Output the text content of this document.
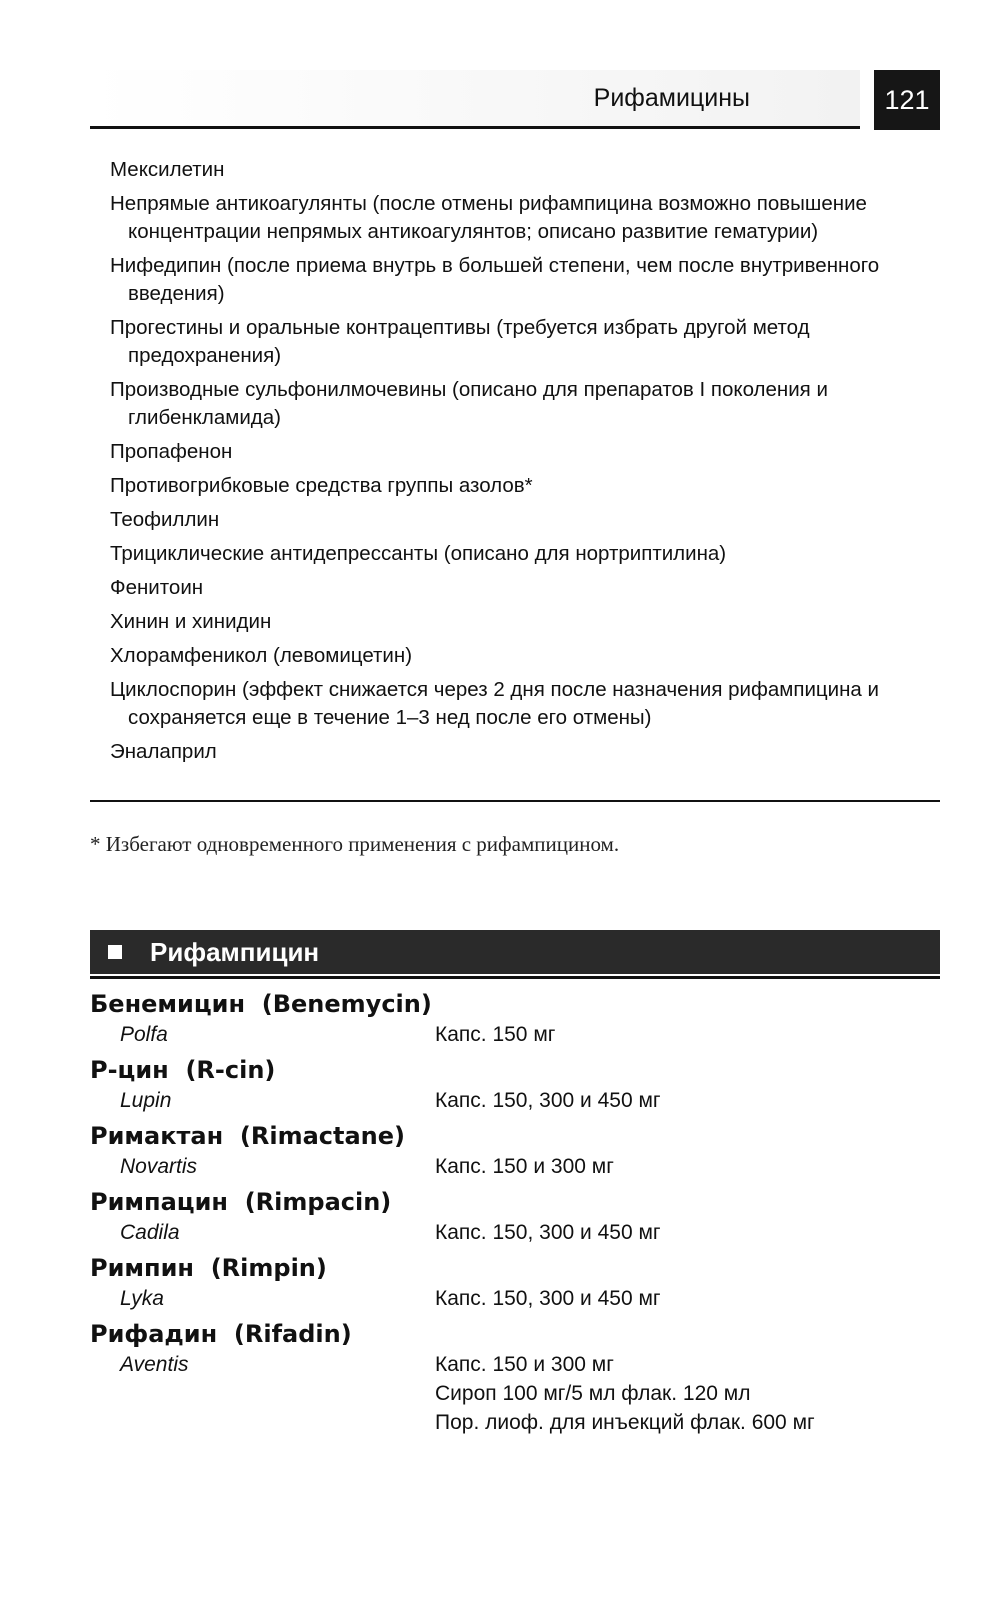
Рифамицины	121
Мексилетин
Непрямые антикоагулянты (после отмены рифампицина возможно повышение концентрации непрямых антикоагулянтов; описано развитие гематурии)
Нифедипин (после приема внутрь в большей степени, чем после внутривенного введения)
Прогестины и оральные контрацептивы (требуется избрать другой метод предохранения)
Производные сульфонилмочевины (описано для препаратов I поколения и глибенкламида)
Пропафенон
Противогрибковые средства группы азолов*
Теофиллин
Трициклические антидепрессанты (описано для нортриптилина)
Фенитоин
Хинин и хинидин
Хлорамфеникол (левомицетин)
Циклоспорин (эффект снижается через 2 дня после назначения рифампицина и сохраняется еще в течение 1–3 нед после его отмены)
Эналаприл
* Избегают одновременного применения с рифампицином.
Рифампицин
Бенемицин  (Benemycin)
Polfa	Капс. 150 мг
Р-цин  (R-cin)
Lupin	Капс. 150, 300 и 450 мг
Римактан  (Rimactane)
Novartis	Капс. 150 и 300 мг
Римпацин  (Rimpacin)
Cadila	Капс. 150, 300 и 450 мг
Римпин  (Rimpin)
Lyka	Капс. 150, 300 и 450 мг
Рифадин  (Rifadin)
Aventis	Капс. 150 и 300 мг
Сироп 100 мг/5 мл флак. 120 мл
Пор. лиоф. для инъекций флак. 600 мг
